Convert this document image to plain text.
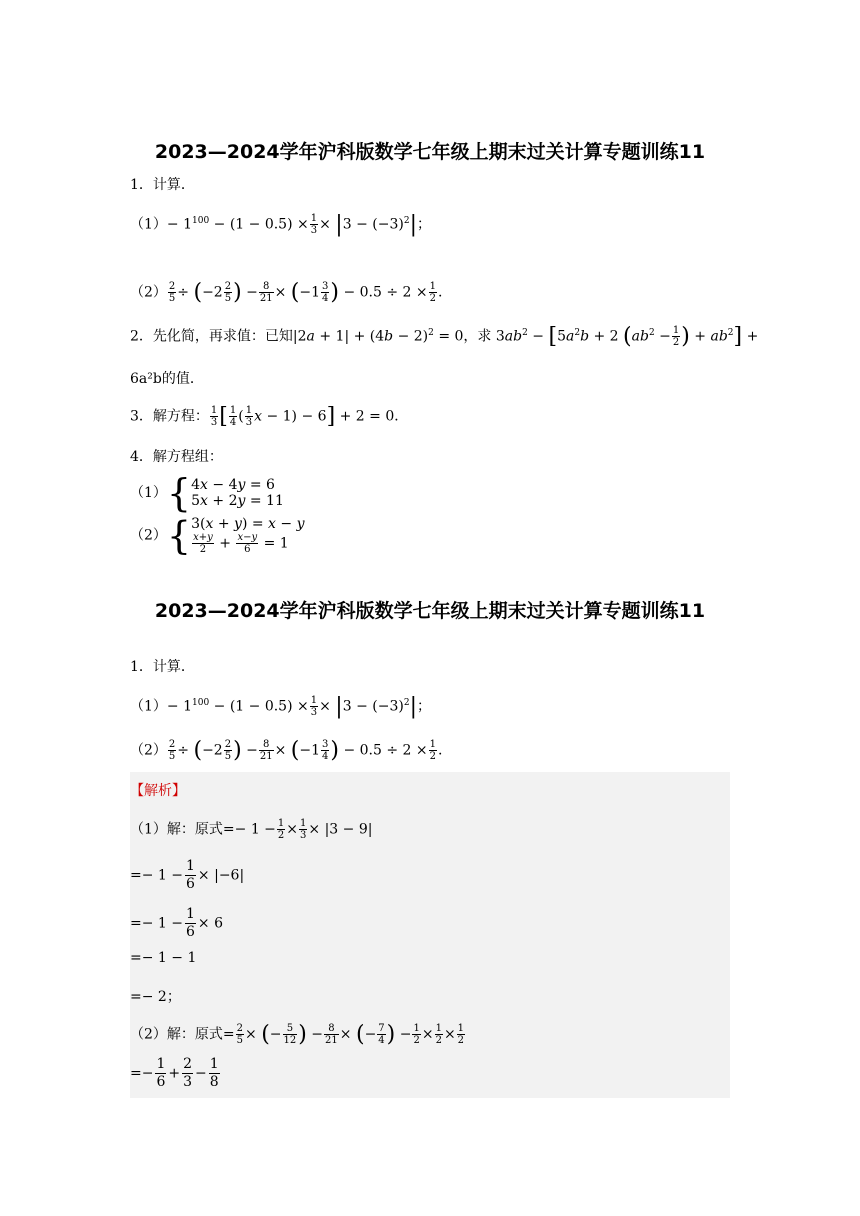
2023—2024学年沪科版数学七年级上期末过关计算专题训练11
1．计算．
$(1)- 1^{100} - (1 - 0.5) \times \frac{1}{3} \times |3 - (-3)^2|$；
$(2) \frac{2}{5} \div (-2 \frac{2}{5}$ ) − $\frac{8}{21} \times (-1 \frac{3}{4}$ ) − $0.5 \div 2 \times \frac{1}{2}$ .
2．先化简，再求值：已知$|2a + 1| + (4b - 2)^2 = 0$，求 $3ab^2 - [5a^2b + 2$ ($ab^2 - \frac{1}{2}$ ) + $ab^2$] +
6a²b的值．
3．解方程： $\frac{1}{3}$ [ $\frac{1}{4}$ ( $\frac{1}{3}$ x − 1) − 6] + 2 = 0．
4．解方程组：
（1）{ 4x − 4y = 6
5x + 2y = 11
（2）{ 3(x + y) = x − y
$\frac{x+y}{2} + \frac{x-y}{6} = 1$
2023—2024学年沪科版数学七年级上期末过关计算专题训练11
1．计算．
$(1)- 1^{100} - (1 - 0.5) \times \frac{1}{3} \times |3 - (-3)^2|$；
$(2) \frac{2}{5} \div (-2 \frac{2}{5}$ ) − $\frac{8}{21} \times (-1 \frac{3}{4}$ ) − $0.5 \div 2 \times \frac{1}{2}$ .
【解析】
（1）解：原式=− $1 - \frac{1}{2} \times \frac{1}{3} \times |3 - 9|$
=− $1 - \frac{1}{6} \times |-6|$
=− $1 - \frac{1}{6} \times 6$
=− 1 − 1
=− 2；
（2）解：原式= $\frac{2}{5}$ × (− $\frac{5}{12}$ ) − $\frac{8}{21}$ × (− $\frac{7}{4}$ ) − $\frac{1}{2} \times \frac{1}{2} \times \frac{1}{2}$
=− $\frac{1}{6} + \frac{2}{3} - \frac{1}{8}$
